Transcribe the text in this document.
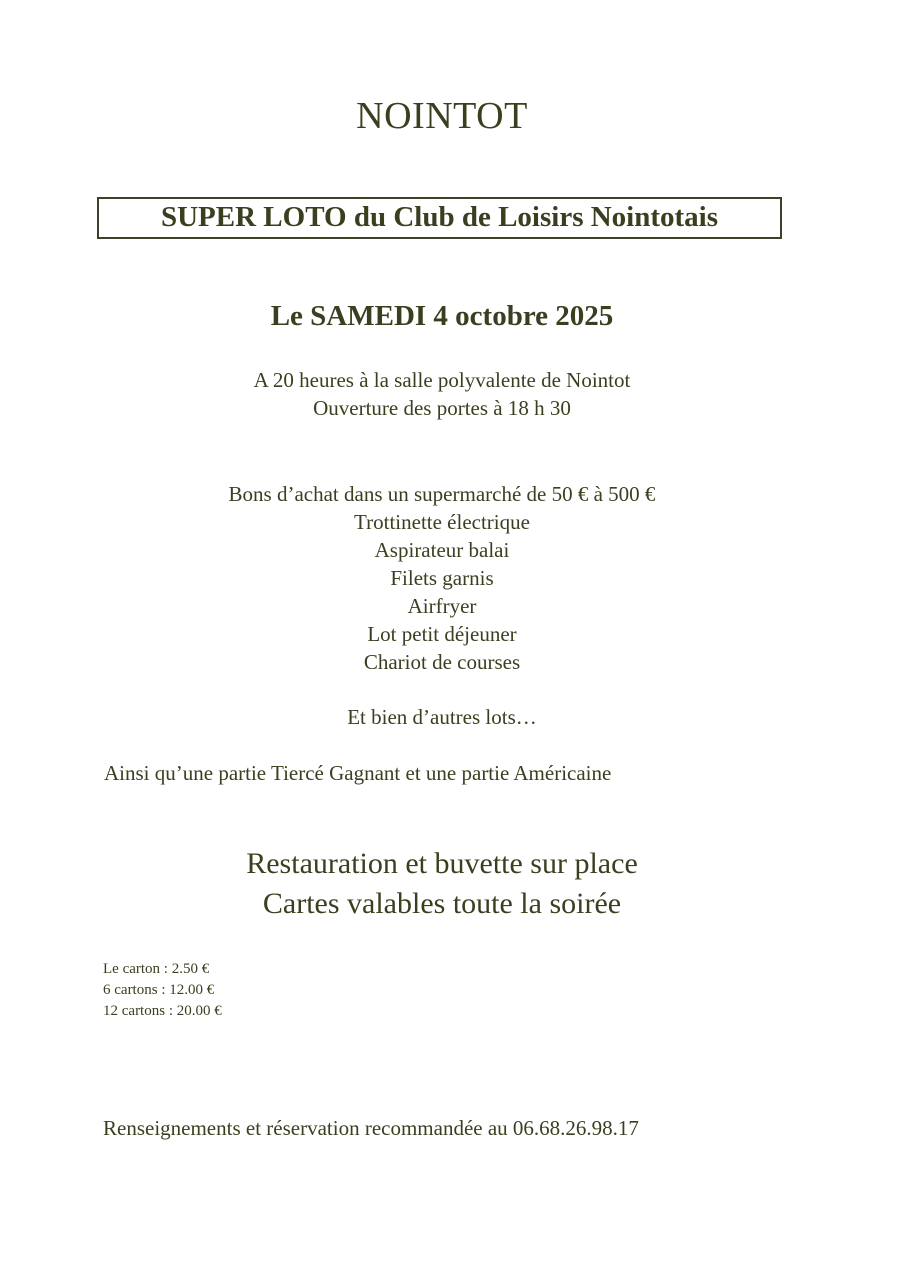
NOINTOT
SUPER LOTO du Club de Loisirs Nointotais
Le SAMEDI 4 octobre 2025
A 20 heures à la salle polyvalente de Nointot
Ouverture des portes à 18 h 30
Bons d’achat dans un supermarché de 50 € à 500 €
Trottinette électrique
Aspirateur balai
Filets garnis
Airfryer
Lot petit déjeuner
Chariot de courses
Et bien d’autres lots…
Ainsi qu’une partie Tiercé Gagnant et une partie Américaine
Restauration et buvette sur place
Cartes valables toute la soirée
Le carton : 2.50 €
6 cartons : 12.00 €
12 cartons : 20.00 €
Renseignements et réservation recommandée au 06.68.26.98.17
